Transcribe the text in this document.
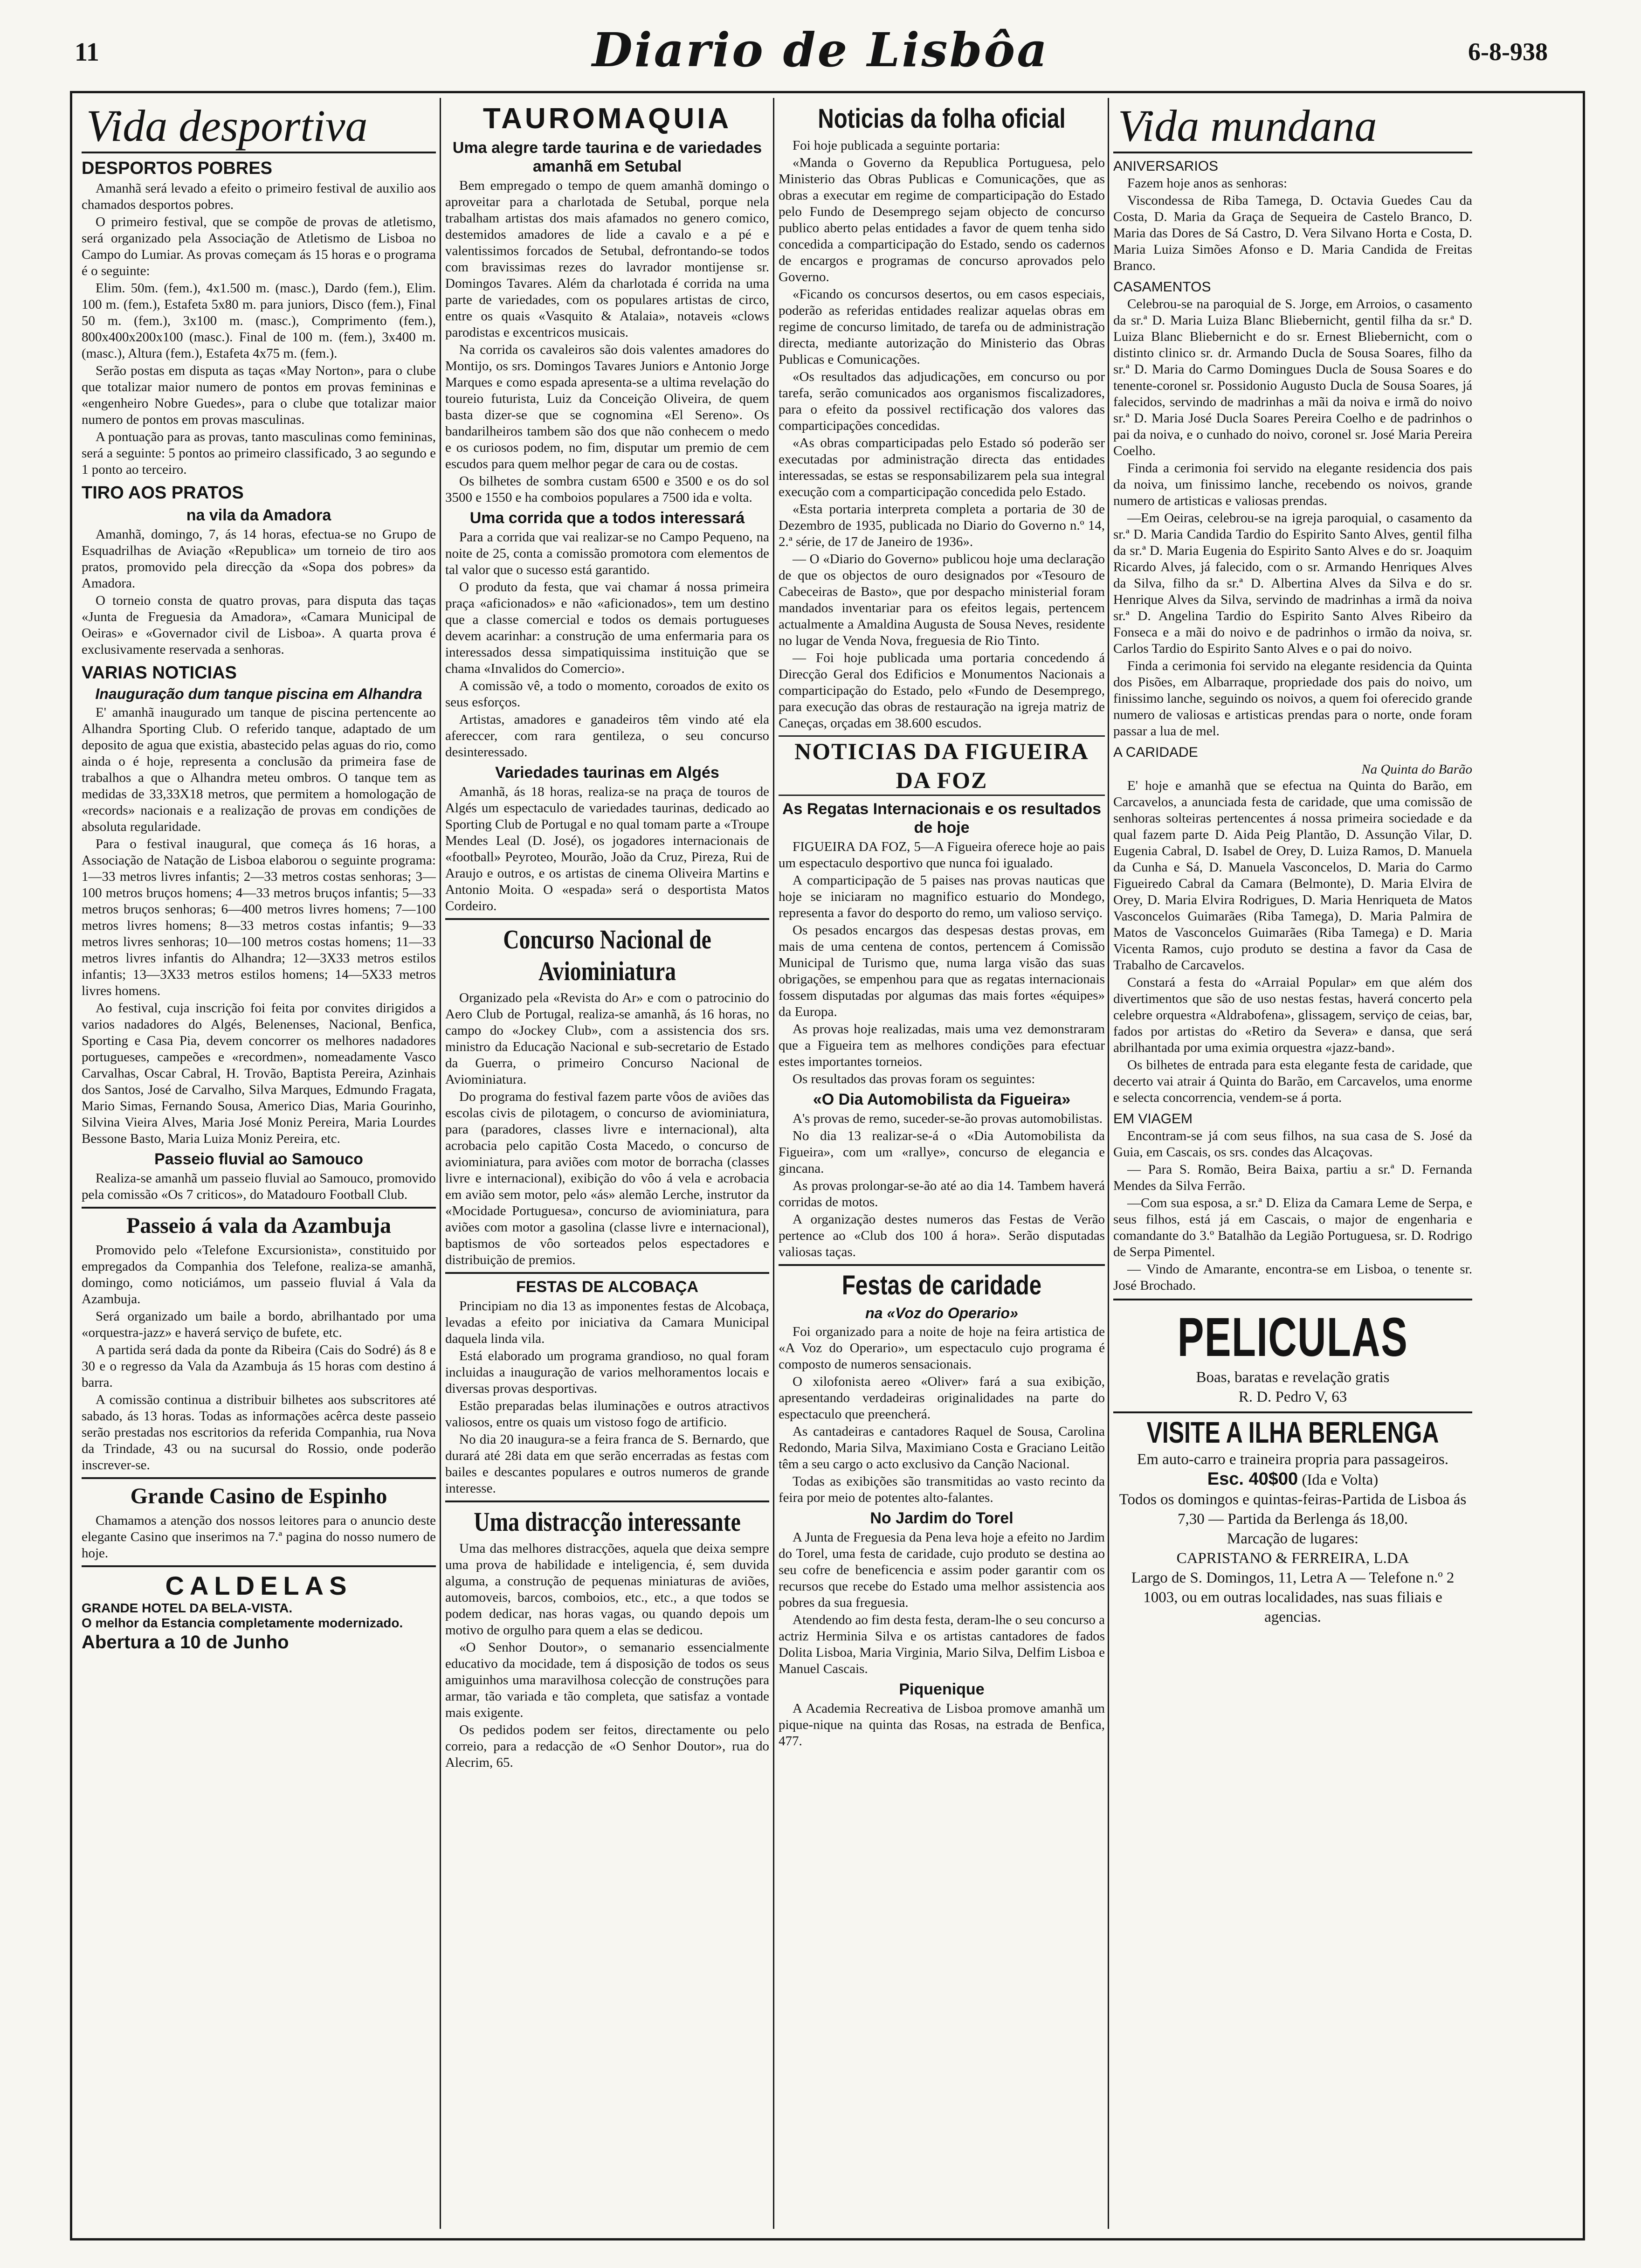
11	Diario de Lisbôa	6-8-938
Vida desportiva
DESPORTOS POBRES

Amanhã será levado a efeito o primeiro festival de auxilio aos chamados desportos pobres.

O primeiro festival, que se compõe de provas de atletismo, será organizado pela Associação de Atletismo de Lisboa no Campo do Lumiar. As provas começam ás 15 horas e o programa é o seguinte:

Elim. 50m. (fem.), 4x1.500 m. (masc.), Dardo (fem.), Elim. 100 m. (fem.), Estafeta 5x80 m. para juniors, Disco (fem.), Final 50 m. (fem.), 3x100 m. (masc.), Comprimento (fem.), 800x400x200x100 (masc.). Final de 100 m. (fem.), 3x400 m. (masc.), Altura (fem.), Estafeta 4x75 m. (fem.).

Serão postas em disputa as taças «May Norton», para o clube que totalizar maior numero de pontos em provas femininas e «engenheiro Nobre Guedes», para o clube que totalizar maior numero de pontos em provas masculinas.

A pontuação para as provas, tanto masculinas como femininas, será a seguinte: 5 pontos ao primeiro classificado, 3 ao segundo e 1 ponto ao terceiro.

TIRO AOS PRATOS
na vila da Amadora

Amanhã, domingo, 7, ás 14 horas, efectua-se no Grupo de Esquadrilhas de Aviação «Republica» um torneio de tiro aos pratos, promovido pela direcção da «Sopa dos pobres» da Amadora.

O torneio consta de quatro provas, para disputa das taças «Junta de Freguesia da Amadora», «Camara Municipal de Oeiras» e «Governador civil de Lisboa». A quarta prova é exclusivamente reservada a senhoras.

VARIAS NOTICIAS
Inauguração dum tanque piscina em Alhandra

E' amanhã inaugurado um tanque de piscina pertencente ao Alhandra Sporting Club. O referido tanque, adaptado de um deposito de agua que existia, abastecido pelas aguas do rio, como ainda o é hoje, representa a conclusão da primeira fase de trabalhos a que o Alhandra meteu ombros. O tanque tem as medidas de 33,33X18 metros, que permitem a homologação de «records» nacionais e a realização de provas em condições de absoluta regularidade.

Para o festival inaugural, que começa ás 16 horas, a Associação de Natação de Lisboa elaborou o seguinte programa: 1—33 metros livres infantis; 2—33 metros costas senhoras; 3—100 metros bruços homens; 4—33 metros bruços infantis; 5—33 metros bruços senhoras; 6—400 metros livres homens; 7—100 metros livres homens; 8—33 metros costas infantis; 9—33 metros livres senhoras; 10—100 metros costas homens; 11—33 metros livres infantis do Alhandra; 12—3X33 metros estilos infantis; 13—3X33 metros estilos homens; 14—5X33 metros livres homens.

Ao festival, cuja inscrição foi feita por convites dirigidos a varios nadadores do Algés, Belenenses, Nacional, Benfica, Sporting e Casa Pia, devem concorrer os melhores nadadores portugueses, campeões e «recordmen», nomeadamente Vasco Carvalhas, Oscar Cabral, H. Trovão, Baptista Pereira, Azinhais dos Santos, José de Carvalho, Silva Marques, Edmundo Fragata, Mario Simas, Fernando Sousa, Americo Dias, Maria Gourinho, Silvina Vieira Alves, Maria José Moniz Pereira, Maria Lourdes Bessone Basto, Maria Luiza Moniz Pereira, etc.

Passeio fluvial ao Samouco

Realiza-se amanhã um passeio fluvial ao Samouco, promovido pela comissão «Os 7 criticos», do Matadouro Football Club.

Passeio á vala da Azambuja

Promovido pelo «Telefone Excursionista», constituido por empregados da Companhia dos Telefone, realiza-se amanhã, domingo, como noticiámos, um passeio fluvial á Vala da Azambuja.

Será organizado um baile a bordo, abrilhantado por uma «orquestra-jazz» e haverá serviço de bufete, etc.

A partida será dada da ponte da Ribeira (Cais do Sodré) ás 8 e 30 e o regresso da Vala da Azambuja ás 15 horas com destino á barra.

A comissão continua a distribuir bilhetes aos subscritores até sabado, ás 13 horas. Todas as informações acêrca deste passeio serão prestadas nos escritorios da referida Companhia, rua Nova da Trindade, 43 ou na sucursal do Rossio, onde poderão inscrever-se.

Grande Casino de Espinho

Chamamos a atenção dos nossos leitores para o anuncio deste elegante Casino que inserimos na 7.ª pagina do nosso numero de hoje.

CALDELAS
GRANDE HOTEL DA BELA-VISTA.
O melhor da Estancia completamente modernizado.
Abertura a 10 de Junho
TAUROMAQUIA
Uma alegre tarde taurina e de variedades amanhã em Setubal

Bem empregado o tempo de quem amanhã domingo o aproveitar para a charlotada de Setubal, porque nela trabalham artistas dos mais afamados no genero comico, destemidos amadores de lide a cavalo e a pé e valentissimos forcados de Setubal, defrontando-se todos com bravissimas rezes do lavrador montijense sr. Domingos Tavares. Além da charlotada é corrida na uma parte de variedades, com os populares artistas de circo, entre os quais «Vasquito & Atalaia», notaveis «clows parodistas e excentricos musicais.

Na corrida os cavaleiros são dois valentes amadores do Montijo, os srs. Domingos Tavares Juniors e Antonio Jorge Marques e como espada apresenta-se a ultima revelação do toureio futurista, Luiz da Conceição Oliveira, de quem basta dizer-se que se cognomina «El Sereno». Os bandarilheiros tambem são dos que não conhecem o medo e os curiosos podem, no fim, disputar um premio de cem escudos para quem melhor pegar de cara ou de costas.

Os bilhetes de sombra custam 6500 e 3500 e os do sol 3500 e 1550 e ha comboios populares a 7500 ida e volta.

Uma corrida que a todos interessará

Para a corrida que vai realizar-se no Campo Pequeno, na noite de 25, conta a comissão promotora com elementos de tal valor que o sucesso está garantido.

O produto da festa, que vai chamar á nossa primeira praça «aficionados» e não «aficionados», tem um destino que a classe comercial e todos os demais portugueses devem acarinhar: a construção de uma enfermaria para os interessados dessa simpatiquissima instituição que se chama «Invalidos do Comercio».

A comissão vê, a todo o momento, coroados de exito os seus esforços.

Artistas, amadores e ganadeiros têm vindo até ela afereccer, com rara gentileza, o seu concurso desinteressado.

Variedades taurinas em Algés

Amanhã, ás 18 horas, realiza-se na praça de touros de Algés um espectaculo de variedades taurinas, dedicado ao Sporting Club de Portugal e no qual tomam parte a «Troupe Mendes Leal (D. José), os jogadores internacionais de «football» Peyroteo, Mourão, João da Cruz, Pireza, Rui de Araujo e outros, e os artistas de cinema Oliveira Martins e Antonio Moita. O «espada» será o desportista Matos Cordeiro.

Concurso Nacional de Aviominiatura

Organizado pela «Revista do Ar» e com o patrocinio do Aero Club de Portugal, realiza-se amanhã, ás 16 horas, no campo do «Jockey Club», com a assistencia dos srs. ministro da Educação Nacional e sub-secretario de Estado da Guerra, o primeiro Concurso Nacional de Aviominiatura.

Do programa do festival fazem parte vôos de aviões das escolas civis de pilotagem, o concurso de aviominiatura, para (paradores, classes livre e internacional), alta acrobacia pelo capitão Costa Macedo, o concurso de aviominiatura, para aviões com motor de borracha (classes livre e internacional), exibição do vôo á vela e acrobacia em avião sem motor, pelo «ás» alemão Lerche, instrutor da «Mocidade Portuguesa», concurso de aviominiatura, para aviões com motor a gasolina (classe livre e internacional), baptismos de vôo sorteados pelos espectadores e distribuição de premios.

FESTAS DE ALCOBAÇA

Principiam no dia 13 as imponentes festas de Alcobaça, levadas a efeito por iniciativa da Camara Municipal daquela linda vila.

Está elaborado um programa grandioso, no qual foram incluidas a inauguração de varios melhoramentos locais e diversas provas desportivas.

Estão preparadas belas iluminações e outros atractivos valiosos, entre os quais um vistoso fogo de artificio.

No dia 20 inaugura-se a feira franca de S. Bernardo, que durará até 28i data em que serão encerradas as festas com bailes e descantes populares e outros numeros de grande interesse.

Uma distracção interessante

Uma das melhores distracções, aquela que deixa sempre uma prova de habilidade e inteligencia, é, sem duvida alguma, a construção de pequenas miniaturas de aviões, automoveis, barcos, comboios, etc., etc., a que todos se podem dedicar, nas horas vagas, ou quando depois um motivo de orgulho para quem a elas se dedicou.

«O Senhor Doutor», o semanario essencialmente educativo da mocidade, tem á disposição de todos os seus amiguinhos uma maravilhosa colecção de construções para armar, tão variada e tão completa, que satisfaz a vontade mais exigente.

Os pedidos podem ser feitos, directamente ou pelo correio, para a redacção de «O Senhor Doutor», rua do Alecrim, 65.

Noticias da folha oficial

Foi hoje publicada a seguinte portaria:

«Manda o Governo da Republica Portuguesa, pelo Ministerio das Obras Publicas e Comunicações, que as obras a executar em regime de comparticipação do Estado pelo Fundo de Desemprego sejam objecto de concurso publico aberto pelas entidades a favor de quem tenha sido concedida a comparticipação do Estado, sendo os cadernos de encargos e programas de concurso aprovados pelo Governo.

«Ficando os concursos desertos, ou em casos especiais, poderão as referidas entidades realizar aquelas obras em regime de concurso limitado, de tarefa ou de administração directa, mediante autorização do Ministerio das Obras Publicas e Comunicações.

«Os resultados das adjudicações, em concurso ou por tarefa, serão comunicados aos organismos fiscalizadores, para o efeito da possivel rectificação dos valores das comparticipações concedidas.

«As obras comparticipadas pelo Estado só poderão ser executadas por administração directa das entidades interessadas, se estas se responsabilizarem pela sua integral execução com a comparticipação concedida pelo Estado.

«Esta portaria interpreta completa a portaria de 30 de Dezembro de 1935, publicada no Diario do Governo n.º 14, 2.ª série, de 17 de Janeiro de 1936».

— O «Diario do Governo» publicou hoje uma declaração de que os objectos de ouro designados por «Tesouro de Cabeceiras de Basto», que por despacho ministerial foram mandados inventariar para os efeitos legais, pertencem actualmente a Amaldina Augusta de Sousa Neves, residente no lugar de Venda Nova, freguesia de Rio Tinto.

— Foi hoje publicada uma portaria concedendo á Direcção Geral dos Edificios e Monumentos Nacionais a comparticipação do Estado, pelo «Fundo de Desemprego, para execução das obras de restauração na igreja matriz de Caneças, orçadas em 38.600 escudos.

NOTICIAS DA FIGUEIRA DA FOZ
As Regatas Internacionais e os resultados de hoje

FIGUEIRA DA FOZ, 5—A Figueira oferece hoje ao pais um espectaculo desportivo que nunca foi igualado.

A comparticipação de 5 paises nas provas nauticas que hoje se iniciaram no magnifico estuario do Mondego, representa a favor do desporto do remo, um valioso serviço.

Os pesados encargos das despesas destas provas, em mais de uma centena de contos, pertencem á Comissão Municipal de Turismo que, numa larga visão das suas obrigações, se empenhou para que as regatas internacionais fossem disputadas por algumas das mais fortes «équipes» da Europa.

As provas hoje realizadas, mais uma vez demonstraram que a Figueira tem as melhores condições para efectuar estes importantes torneios.

Os resultados das provas foram os seguintes:

«O Dia Automobilista da Figueira»

A's provas de remo, suceder-se-ão provas automobilistas.

No dia 13 realizar-se-á o «Dia Automobilista da Figueira», com um «rallye», concurso de elegancia e gincana.

As provas prolongar-se-ão até ao dia 14. Tambem haverá corridas de motos.

A organização destes numeros das Festas de Verão pertence ao «Club dos 100 á hora». Serão disputadas valiosas taças.

Festas de caridade
na «Voz do Operario»

Foi organizado para a noite de hoje na feira artistica de «A Voz do Operario», um espectaculo cujo programa é composto de numeros sensacionais.

O xilofonista aereo «Oliver» fará a sua exibição, apresentando verdadeiras originalidades na parte do espectaculo que preencherá.

As cantadeiras e cantadores Raquel de Sousa, Carolina Redondo, Maria Silva, Maximiano Costa e Graciano Leitão têm a seu cargo o acto exclusivo da Canção Nacional.

Todas as exibições são transmitidas ao vasto recinto da feira por meio de potentes alto-falantes.

No Jardim do Torel

A Junta de Freguesia da Pena leva hoje a efeito no Jardim do Torel, uma festa de caridade, cujo produto se destina ao seu cofre de beneficencia e assim poder garantir com os recursos que recebe do Estado uma melhor assistencia aos pobres da sua freguesia.

Atendendo ao fim desta festa, deram-lhe o seu concurso a actriz Herminia Silva e os artistas cantadores de fados Dolita Lisboa, Maria Virginia, Mario Silva, Delfim Lisboa e Manuel Cascais.

Piquenique

A Academia Recreativa de Lisboa promove amanhã um pique-nique na quinta das Rosas, na estrada de Benfica, 477.

Vida mundana
ANIVERSARIOS

Fazem hoje anos as senhoras:

Viscondessa de Riba Tamega, D. Octavia Guedes Cau da Costa, D. Maria da Graça de Sequeira de Castelo Branco, D. Maria das Dores de Sá Castro, D. Vera Silvano Horta e Costa, D. Maria Luiza Simões Afonso e D. Maria Candida de Freitas Branco.

CASAMENTOS

Celebrou-se na paroquial de S. Jorge, em Arroios, o casamento da sr.ª D. Maria Luiza Blanc Bliebernicht, gentil filha da sr.ª D. Luiza Blanc Bliebernicht e do sr. Ernest Bliebernicht, com o distinto clinico sr. dr. Armando Ducla de Sousa Soares, filho da sr.ª D. Maria do Carmo Domingues Ducla de Sousa Soares e do tenente-coronel sr. Possidonio Augusto Ducla de Sousa Soares, já falecidos, servindo de madrinhas a mãi da noiva e irmã do noivo sr.ª D. Maria José Ducla Soares Pereira Coelho e de padrinhos o pai da noiva, e o cunhado do noivo, coronel sr. José Maria Pereira Coelho.

Finda a cerimonia foi servido na elegante residencia dos pais da noiva, um finissimo lanche, recebendo os noivos, grande numero de artisticas e valiosas prendas.

—Em Oeiras, celebrou-se na igreja paroquial, o casamento da sr.ª D. Maria Candida Tardio do Espirito Santo Alves, gentil filha da sr.ª D. Maria Eugenia do Espirito Santo Alves e do sr. Joaquim Ricardo Alves, já falecido, com o sr. Armando Henriques Alves da Silva, filho da sr.ª D. Albertina Alves da Silva e do sr. Henrique Alves da Silva, servindo de madrinhas a irmã da noiva sr.ª D. Angelina Tardio do Espirito Santo Alves Ribeiro da Fonseca e a mãi do noivo e de padrinhos o irmão da noiva, sr. Carlos Tardio do Espirito Santo Alves e o pai do noivo.

Finda a cerimonia foi servido na elegante residencia da Quinta dos Pisões, em Albarraque, propriedade dos pais do noivo, um finissimo lanche, seguindo os noivos, a quem foi oferecido grande numero de valiosas e artisticas prendas para o norte, onde foram passar a lua de mel.

A CARIDADE
Na Quinta do Barão

E' hoje e amanhã que se efectua na Quinta do Barão, em Carcavelos, a anunciada festa de caridade, que uma comissão de senhoras solteiras pertencentes á nossa primeira sociedade e da qual fazem parte D. Aida Peig Plantão, D. Assunção Vilar, D. Eugenia Cabral, D. Isabel de Orey, D. Luiza Ramos, D. Manuela da Cunha e Sá, D. Manuela Vasconcelos, D. Maria do Carmo Figueiredo Cabral da Camara (Belmonte), D. Maria Elvira de Orey, D. Maria Elvira Rodrigues, D. Maria Henriqueta de Matos Vasconcelos Guimarães (Riba Tamega), D. Maria Palmira de Matos de Vasconcelos Guimarães (Riba Tamega) e D. Maria Vicenta Ramos, cujo produto se destina a favor da Casa de Trabalho de Carcavelos.

Constará a festa do «Arraial Popular» em que além dos divertimentos que são de uso nestas festas, haverá concerto pela celebre orquestra «Aldrabofena», glissagem, serviço de ceias, bar, fados por artistas do «Retiro da Severa» e dansa, que será abrilhantada por uma eximia orquestra «jazz-band».

Os bilhetes de entrada para esta elegante festa de caridade, que decerto vai atrair á Quinta do Barão, em Carcavelos, uma enorme e selecta concorrencia, vendem-se á porta.

EM VIAGEM

Encontram-se já com seus filhos, na sua casa de S. José da Guia, em Cascais, os srs. condes das Alcaçovas.

— Para S. Romão, Beira Baixa, partiu a sr.ª D. Fernanda Mendes da Silva Ferrão.

—Com sua esposa, a sr.ª D. Eliza da Camara Leme de Serpa, e seus filhos, está já em Cascais, o major de engenharia e comandante do 3.º Batalhão da Legião Portuguesa, sr. D. Rodrigo de Serpa Pimentel.

— Vindo de Amarante, encontra-se em Lisboa, o tenente sr. José Brochado.

PELICULAS
Boas, baratas e revelação gratis
R. D. Pedro V, 63
VISITE A ILHA BERLENGA
Em auto-carro e traineira propria para passageiros.
Esc. 40$00 (Ida e Volta)
Todos os domingos e quintas-feiras-Partida de Lisboa ás 7,30 — Partida da Berlenga ás 18,00.
Marcação de lugares:
CAPRISTANO & FERREIRA, L.DA
Largo de S. Domingos, 11, Letra A — Telefone n.º 2 1003, ou em outras localidades, nas suas filiais e agencias.
